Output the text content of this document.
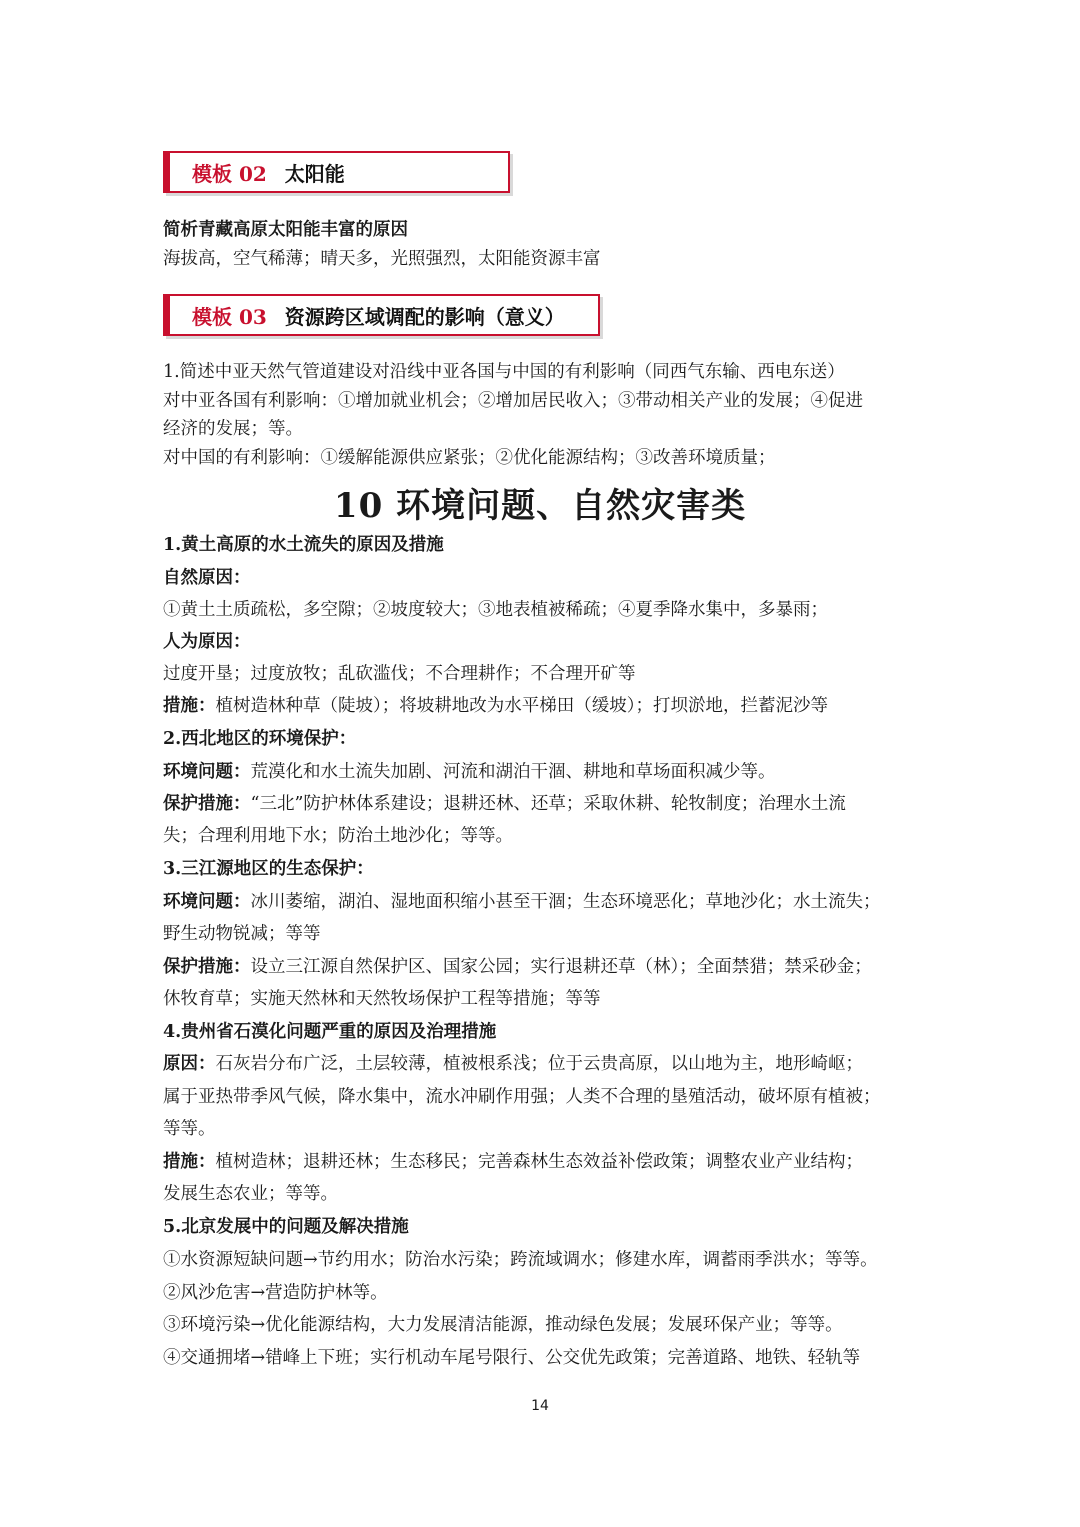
模板 02 太阳能
简析青藏高原太阳能丰富的原因
海拔高，空气稀薄；晴天多，光照强烈，太阳能资源丰富
模板 03 资源跨区域调配的影响（意义）
1.简述中亚天然气管道建设对沿线中亚各国与中国的有利影响（同西气东输、西电东送）
对中亚各国有利影响：①增加就业机会；②增加居民收入；③带动相关产业的发展；④促进
经济的发展；等。
对中国的有利影响：①缓解能源供应紧张；②优化能源结构；③改善环境质量；
10 环境问题、自然灾害类
1.黄土高原的水土流失的原因及措施
自然原因：
①黄土土质疏松，多空隙；②坡度较大；③地表植被稀疏；④夏季降水集中，多暴雨；
人为原因：
过度开垦；过度放牧；乱砍滥伐；不合理耕作；不合理开矿等
措施：植树造林种草（陡坡）；将坡耕地改为水平梯田（缓坡）；打坝淤地，拦蓄泥沙等
2.西北地区的环境保护：
环境问题：荒漠化和水土流失加剧、河流和湖泊干涸、耕地和草场面积减少等。
保护措施：“三北”防护林体系建设；退耕还林、还草；采取休耕、轮牧制度；治理水土流
失；合理利用地下水；防治土地沙化；等等。
3.三江源地区的生态保护：
环境问题：冰川萎缩，湖泊、湿地面积缩小甚至干涸；生态环境恶化；草地沙化；水土流失；
野生动物锐减；等等
保护措施：设立三江源自然保护区、国家公园；实行退耕还草（林）；全面禁猎；禁采砂金；
休牧育草；实施天然林和天然牧场保护工程等措施；等等
4.贵州省石漠化问题严重的原因及治理措施
原因：石灰岩分布广泛，土层较薄，植被根系浅；位于云贵高原，以山地为主，地形崎岖；
属于亚热带季风气候，降水集中，流水冲刷作用强；人类不合理的垦殖活动，破坏原有植被；
等等。
措施：植树造林；退耕还林；生态移民；完善森林生态效益补偿政策；调整农业产业结构；
发展生态农业；等等。
5.北京发展中的问题及解决措施
①水资源短缺问题→节约用水；防治水污染；跨流域调水；修建水库，调蓄雨季洪水；等等。
②风沙危害→营造防护林等。
③环境污染→优化能源结构，大力发展清洁能源，推动绿色发展；发展环保产业；等等。
④交通拥堵→错峰上下班；实行机动车尾号限行、公交优先政策；完善道路、地铁、轻轨等
14
